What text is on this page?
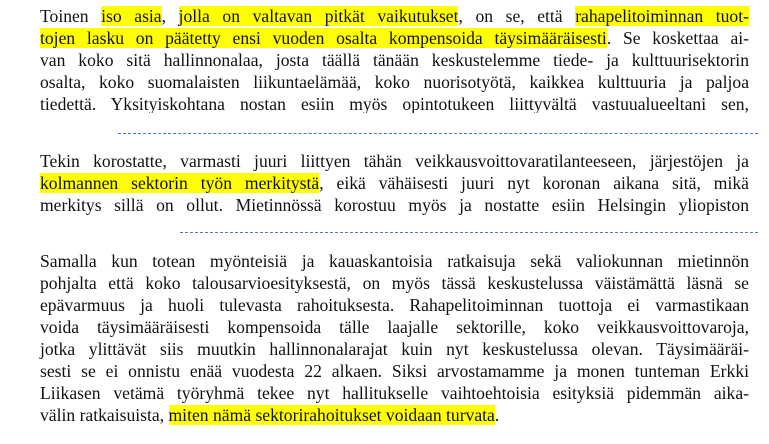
Toinen iso asia, jolla on valtavan pitkät vaikutukset, on se, että rahapelitoiminnan tuot-
tojen lasku on päätetty ensi vuoden osalta kompensoida täysimääräisesti. Se koskettaa ai-
van koko sitä hallinnonalaa, josta täällä tänään keskustelemme tiede- ja kulttuurisektorin
osalta, koko suomalaisten liikuntaelämää, koko nuorisotyötä, kaikkea kulttuuria ja paljoa
tiedettä. Yksityiskohtana nostan esiin myös opintotukeen liittyvältä vastuualueeltani sen,

Tekin korostatte, varmasti juuri liittyen tähän veikkausvoittovaratilanteeseen, järjestöjen ja
kolmannen sektorin työn merkitystä, eikä vähäisesti juuri nyt koronan aikana sitä, mikä
merkitys sillä on ollut. Mietinnössä korostuu myös ja nostatte esiin Helsingin yliopiston

Samalla kun totean myönteisiä ja kauaskantoisia ratkaisuja sekä valiokunnan mietinnön
pohjalta että koko talousarvioesityksestä, on myös tässä keskustelussa väistämättä läsnä se
epävarmuus ja huoli tulevasta rahoituksesta. Rahapelitoiminnan tuottoja ei varmastikaan
voida täysimääräisesti kompensoida tälle laajalle sektorille, koko veikkausvoittovaroja,
jotka ylittävät siis muutkin hallinnonalarajat kuin nyt keskustelussa olevan. Täysimääräi-
sesti se ei onnistu enää vuodesta 22 alkaen. Siksi arvostamamme ja monen tunteman Erkki
Liikasen vetämä työryhmä tekee nyt hallitukselle vaihtoehtoisia esityksiä pidemmän aika-
välin ratkaisuista, miten nämä sektorirahoitukset voidaan turvata.
